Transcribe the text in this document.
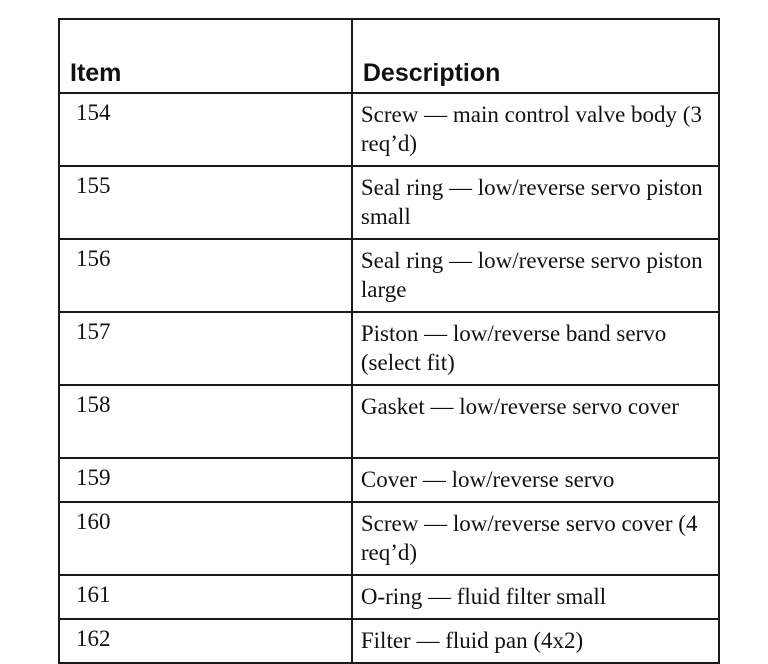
Item	Description
154	Screw — main control valve body (3 req’d)
155	Seal ring — low/reverse servo piston small
156	Seal ring — low/reverse servo piston large
157	Piston — low/reverse band servo (select fit)
158	Gasket — low/reverse servo cover
159	Cover — low/reverse servo
160	Screw — low/reverse servo cover (4 req’d)
161	O-ring — fluid filter small
162	Filter — fluid pan (4x2)
